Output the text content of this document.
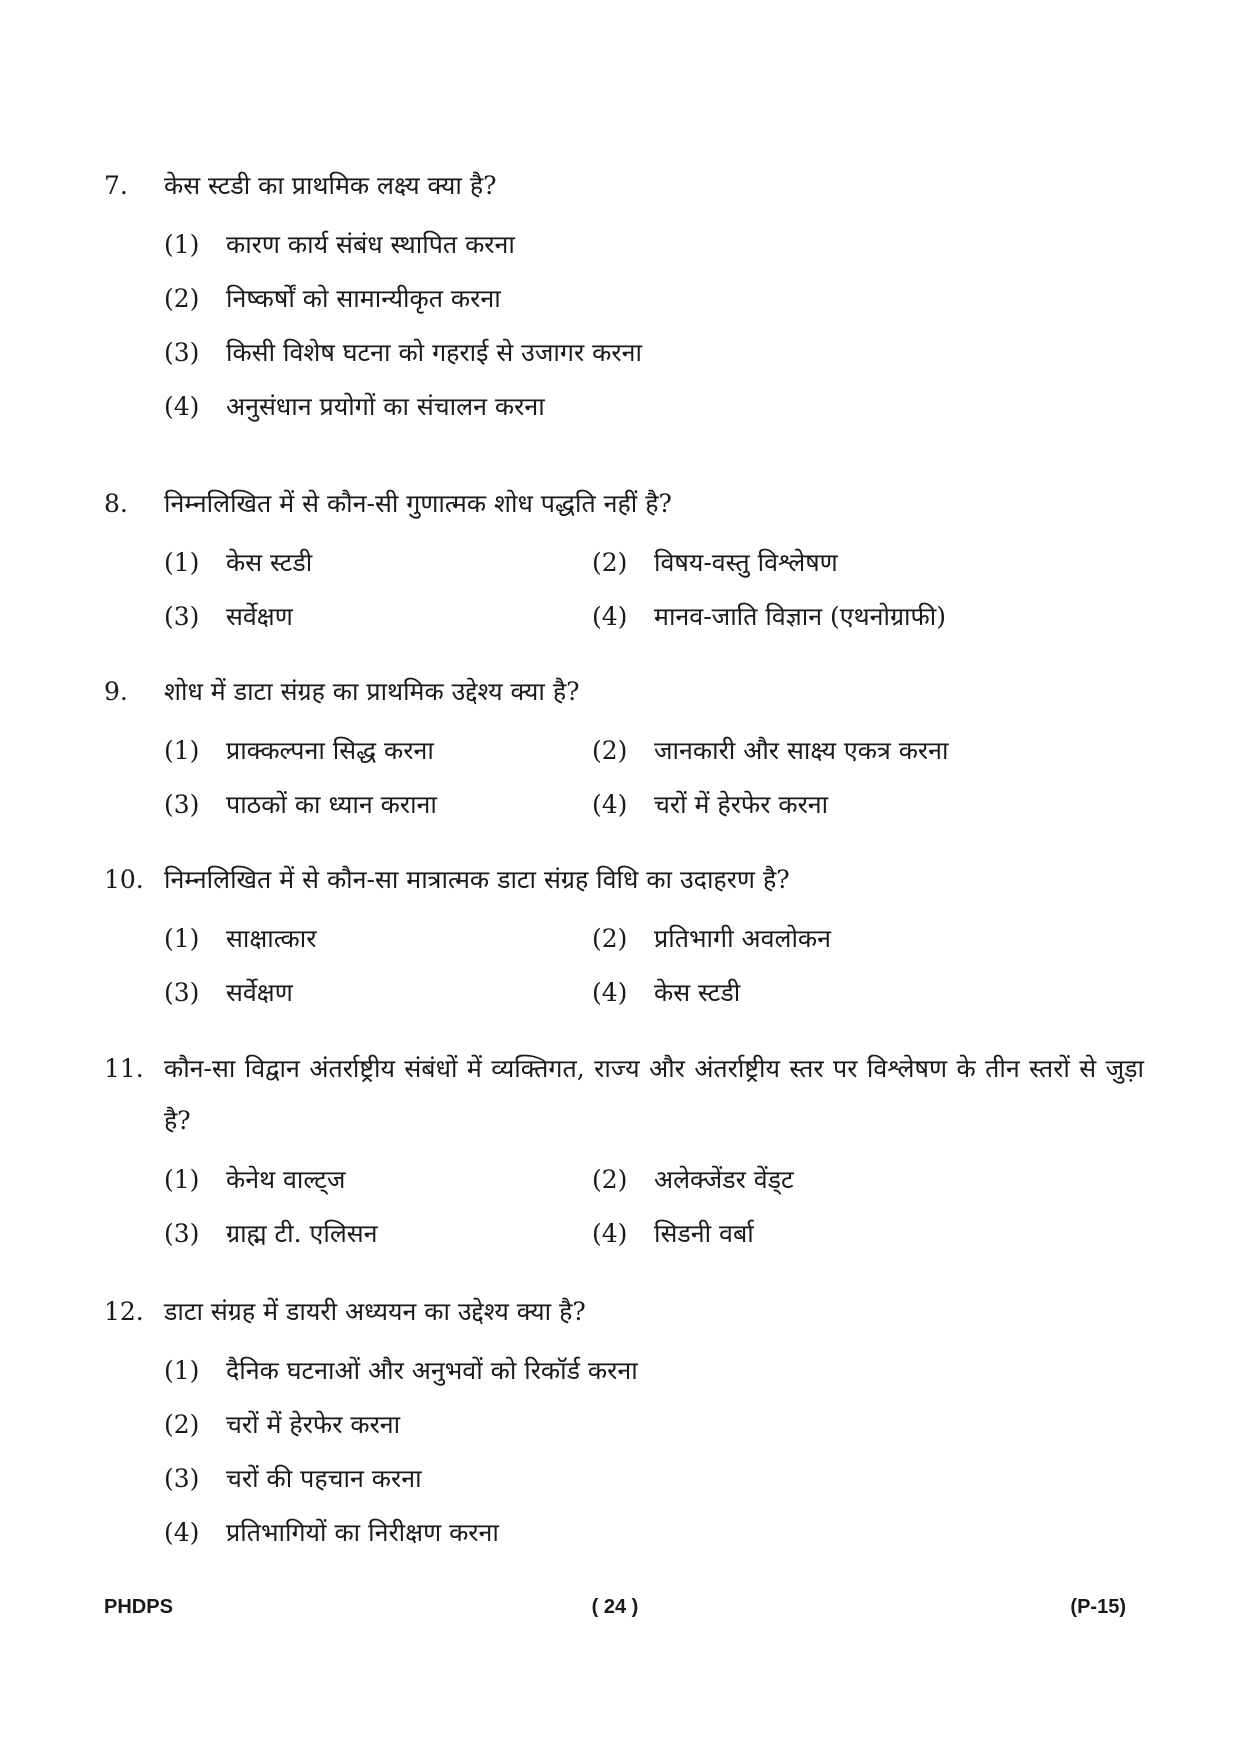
7.	केस स्टडी का प्राथमिक लक्ष्य क्या है?
(1)	कारण कार्य संबंध स्थापित करना
(2)	निष्कर्षों को सामान्यीकृत करना
(3)	किसी विशेष घटना को गहराई से उजागर करना
(4)	अनुसंधान प्रयोगों का संचालन करना
8.	निम्नलिखित में से कौन-सी गुणात्मक शोध पद्धति नहीं है?
(1)	केस स्टडी	(2)	विषय-वस्तु विश्लेषण
(3)	सर्वेक्षण	(4)	मानव-जाति विज्ञान (एथनोग्राफी)
9.	शोध में डाटा संग्रह का प्राथमिक उद्देश्य क्या है?
(1)	प्राक्कल्पना सिद्ध करना	(2)	जानकारी और साक्ष्य एकत्र करना
(3)	पाठकों का ध्यान कराना	(4)	चरों में हेरफेर करना
10. निम्नलिखित में से कौन-सा मात्रात्मक डाटा संग्रह विधि का उदाहरण है?
(1)	साक्षात्कार	(2)	प्रतिभागी अवलोकन
(3)	सर्वेक्षण	(4)	केस स्टडी
11. कौन-सा विद्वान अंतर्राष्ट्रीय संबंधों में व्यक्तिगत, राज्य और अंतर्राष्ट्रीय स्तर पर विश्लेषण के तीन स्तरों से जुड़ा है?
(1)	केनेथ वाल्ट्ज	(2)	अलेक्जेंडर वेंड्ट
(3)	ग्राह्म टी. एलिसन	(4)	सिडनी वर्बा
12. डाटा संग्रह में डायरी अध्ययन का उद्देश्य क्या है?
(1)	दैनिक घटनाओं और अनुभवों को रिकॉर्ड करना
(2)	चरों में हेरफेर करना
(3)	चरों की पहचान करना
(4)	प्रतिभागियों का निरीक्षण करना
PHDPS	( 24 )	(P-15)
